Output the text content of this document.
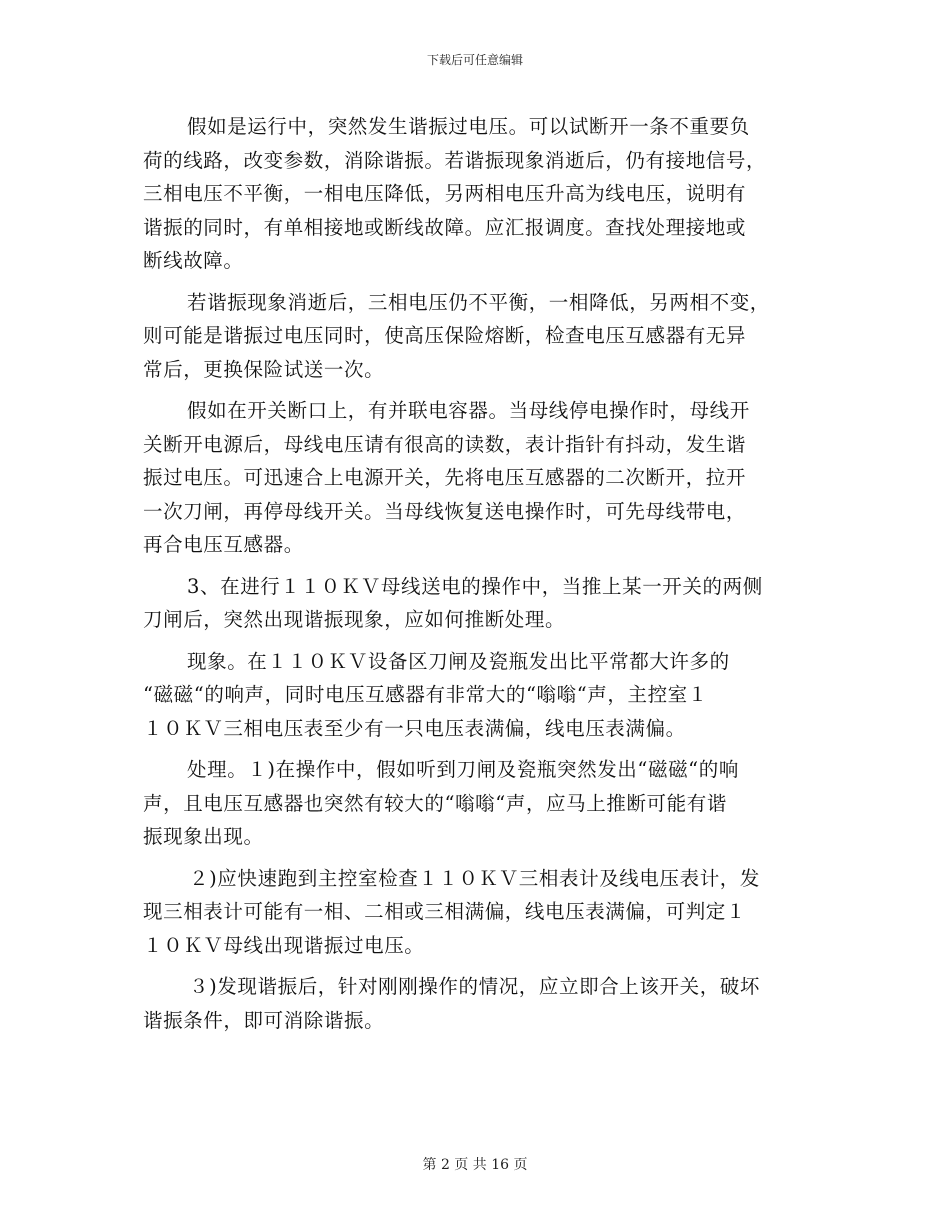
下载后可任意编辑
假如是运行中，突然发生谐振过电压。可以试断开一条不重要负
荷的线路，改变参数，消除谐振。若谐振现象消逝后，仍有接地信号，
三相电压不平衡，一相电压降低，另两相电压升高为线电压，说明有
谐振的同时，有单相接地或断线故障。应汇报调度。查找处理接地或
断线故障。
若谐振现象消逝后，三相电压仍不平衡，一相降低，另两相不变，
则可能是谐振过电压同时，使高压保险熔断，检查电压互感器有无异
常后，更换保险试送一次。
假如在开关断口上，有并联电容器。当母线停电操作时，母线开
关断开电源后，母线电压请有很高的读数，表计指针有抖动，发生谐
振过电压。可迅速合上电源开关，先将电压互感器的二次断开，拉开
一次刀闸，再停母线开关。当母线恢复送电操作时，可先母线带电，
再合电压互感器。
3、在进行１１０ＫＶ母线送电的操作中，当推上某一开关的两侧
刀闸后，突然出现谐振现象，应如何推断处理。
现象。在１１０ＫＶ设备区刀闸及瓷瓶发出比平常都大许多的
“磁磁“的响声，同时电压互感器有非常大的“嗡嗡“声，主控室１
１０ＫＶ三相电压表至少有一只电压表满偏，线电压表满偏。
处理。１)在操作中，假如听到刀闸及瓷瓶突然发出“磁磁“的响
声，且电压互感器也突然有较大的“嗡嗡“声，应马上推断可能有谐
振现象出现。
２)应快速跑到主控室检查１１０ＫＶ三相表计及线电压表计，发
现三相表计可能有一相、二相或三相满偏，线电压表满偏，可判定１
１０ＫＶ母线出现谐振过电压。
３)发现谐振后，针对刚刚操作的情况，应立即合上该开关，破坏
谐振条件，即可消除谐振。
第 2 页 共 16 页
